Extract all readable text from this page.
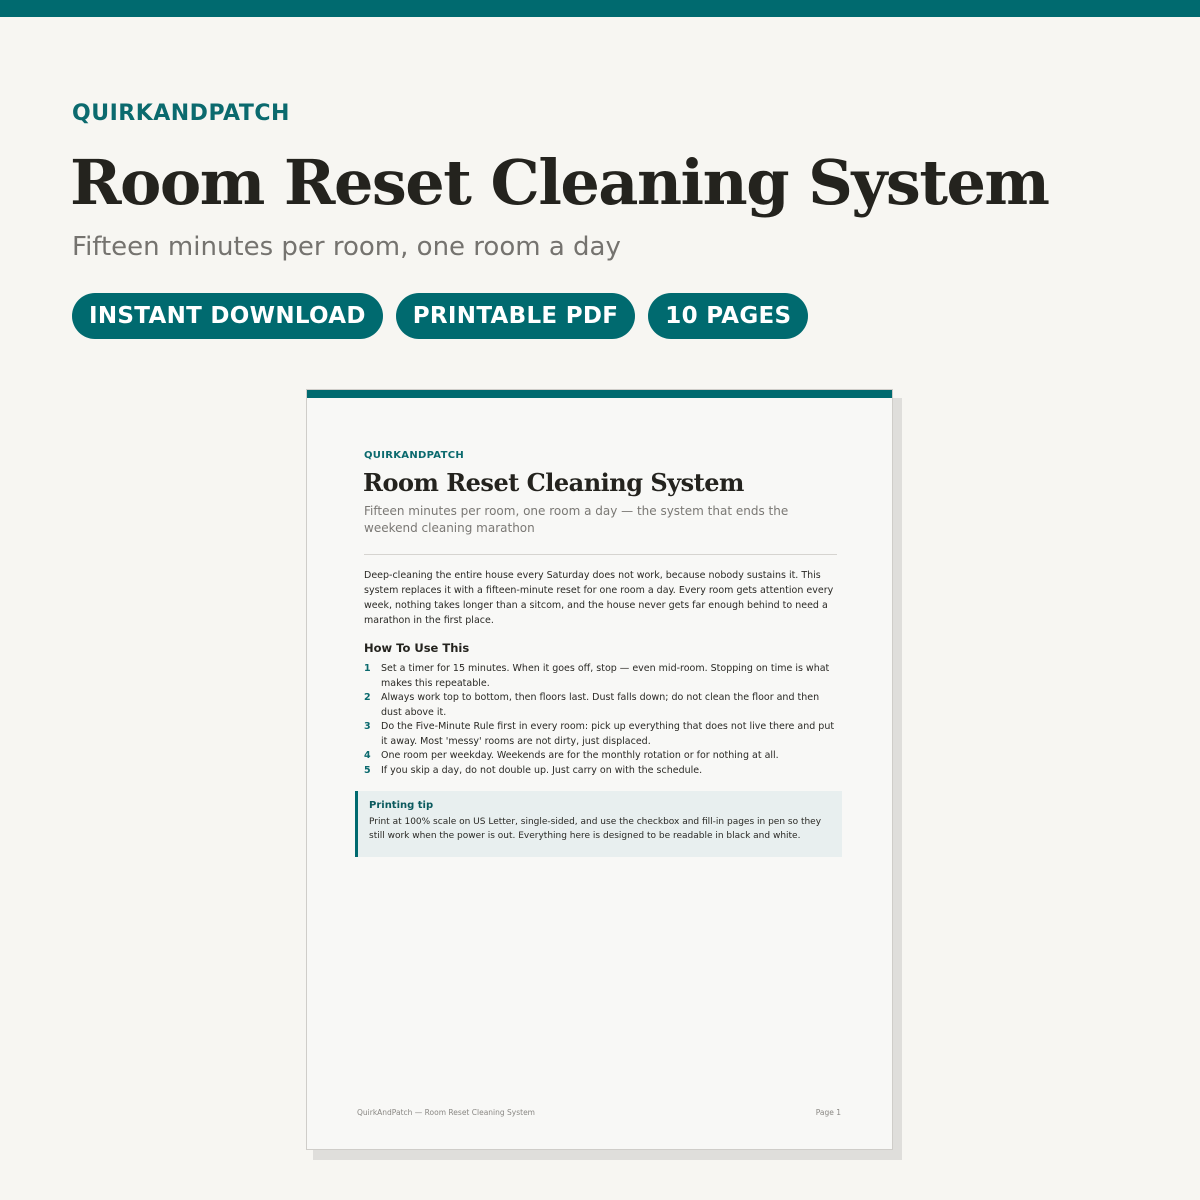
QUIRKANDPATCH
Room Reset Cleaning System
Fifteen minutes per room, one room a day
INSTANT DOWNLOAD	PRINTABLE PDF	10 PAGES
QUIRKANDPATCH
Room Reset Cleaning System
Fifteen minutes per room, one room a day — the system that ends the weekend cleaning marathon
Deep-cleaning the entire house every Saturday does not work, because nobody sustains it. This system replaces it with a fifteen-minute reset for one room a day. Every room gets attention every week, nothing takes longer than a sitcom, and the house never gets far enough behind to need a marathon in the first place.
How To Use This
1	Set a timer for 15 minutes. When it goes off, stop — even mid-room. Stopping on time is what makes this repeatable.
2	Always work top to bottom, then floors last. Dust falls down; do not clean the floor and then dust above it.
3	Do the Five-Minute Rule first in every room: pick up everything that does not live there and put it away. Most 'messy' rooms are not dirty, just displaced.
4	One room per weekday. Weekends are for the monthly rotation or for nothing at all.
5	If you skip a day, do not double up. Just carry on with the schedule.
Printing tip
Print at 100% scale on US Letter, single-sided, and use the checkbox and fill-in pages in pen so they still work when the power is out. Everything here is designed to be readable in black and white.
QuirkAndPatch — Room Reset Cleaning System	Page 1
